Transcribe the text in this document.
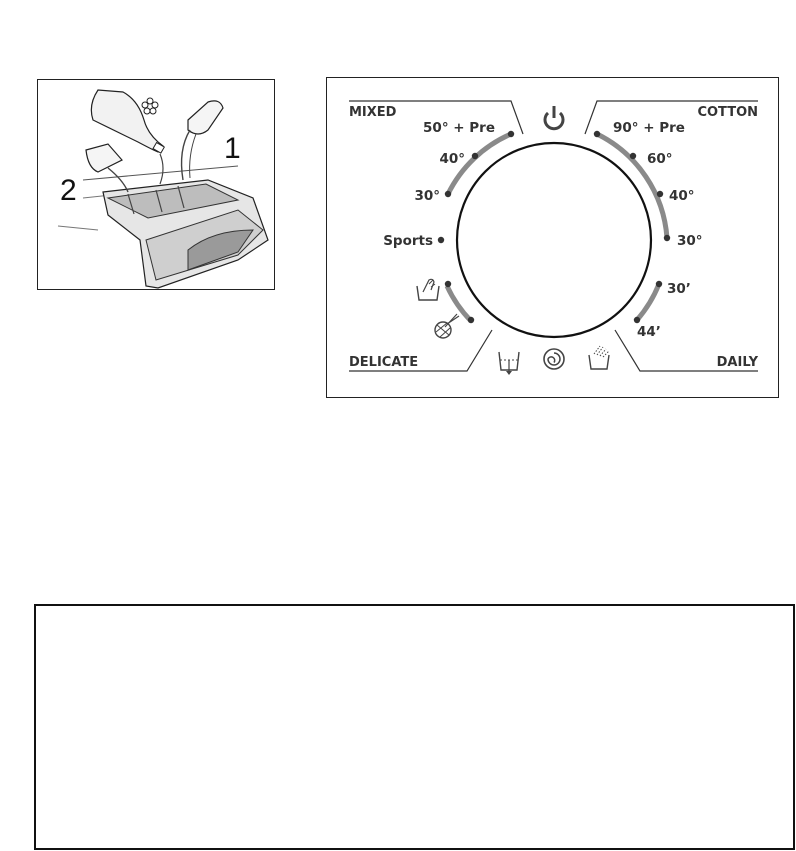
1
2
MIXED	COTTON
DELICATE	DAILY
50° + Pre
40°
30°
Sports
90° + Pre
60°
40°
30°
30’
44’
